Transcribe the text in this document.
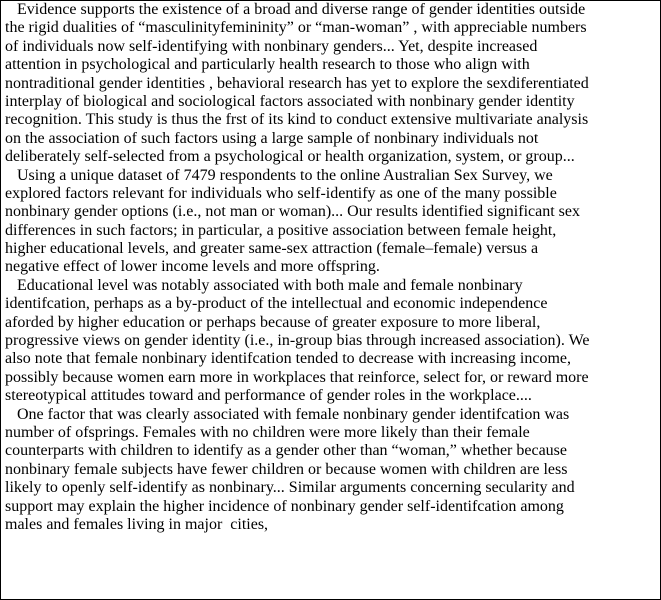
Evidence supports the existence of a broad and diverse range of gender identities outside
the rigid dualities of “masculinityfemininity” or “man-woman” , with appreciable numbers
of individuals now self-identifying with nonbinary genders... Yet, despite increased
attention in psychological and particularly health research to those who align with
nontraditional gender identities , behavioral research has yet to explore the sexdiferentiated
interplay of biological and sociological factors associated with nonbinary gender identity
recognition. This study is thus the frst of its kind to conduct extensive multivariate analysis
on the association of such factors using a large sample of nonbinary individuals not
deliberately self-selected from a psychological or health organization, system, or group...
Using a unique dataset of 7479 respondents to the online Australian Sex Survey, we
explored factors relevant for individuals who self-identify as one of the many possible
nonbinary gender options (i.e., not man or woman)... Our results identified significant sex
differences in such factors; in particular, a positive association between female height,
higher educational levels, and greater same-sex attraction (female–female) versus a
negative effect of lower income levels and more offspring.
Educational level was notably associated with both male and female nonbinary
identifcation, perhaps as a by-product of the intellectual and economic independence
aforded by higher education or perhaps because of greater exposure to more liberal,
progressive views on gender identity (i.e., in-group bias through increased association). We
also note that female nonbinary identifcation tended to decrease with increasing income,
possibly because women earn more in workplaces that reinforce, select for, or reward more
stereotypical attitudes toward and performance of gender roles in the workplace....
One factor that was clearly associated with female nonbinary gender identifcation was
number of ofsprings. Females with no children were more likely than their female
counterparts with children to identify as a gender other than “woman,” whether because
nonbinary female subjects have fewer children or because women with children are less
likely to openly self-identify as nonbinary... Similar arguments concerning secularity and
support may explain the higher incidence of nonbinary gender self-identifcation among
males and females living in major  cities,
